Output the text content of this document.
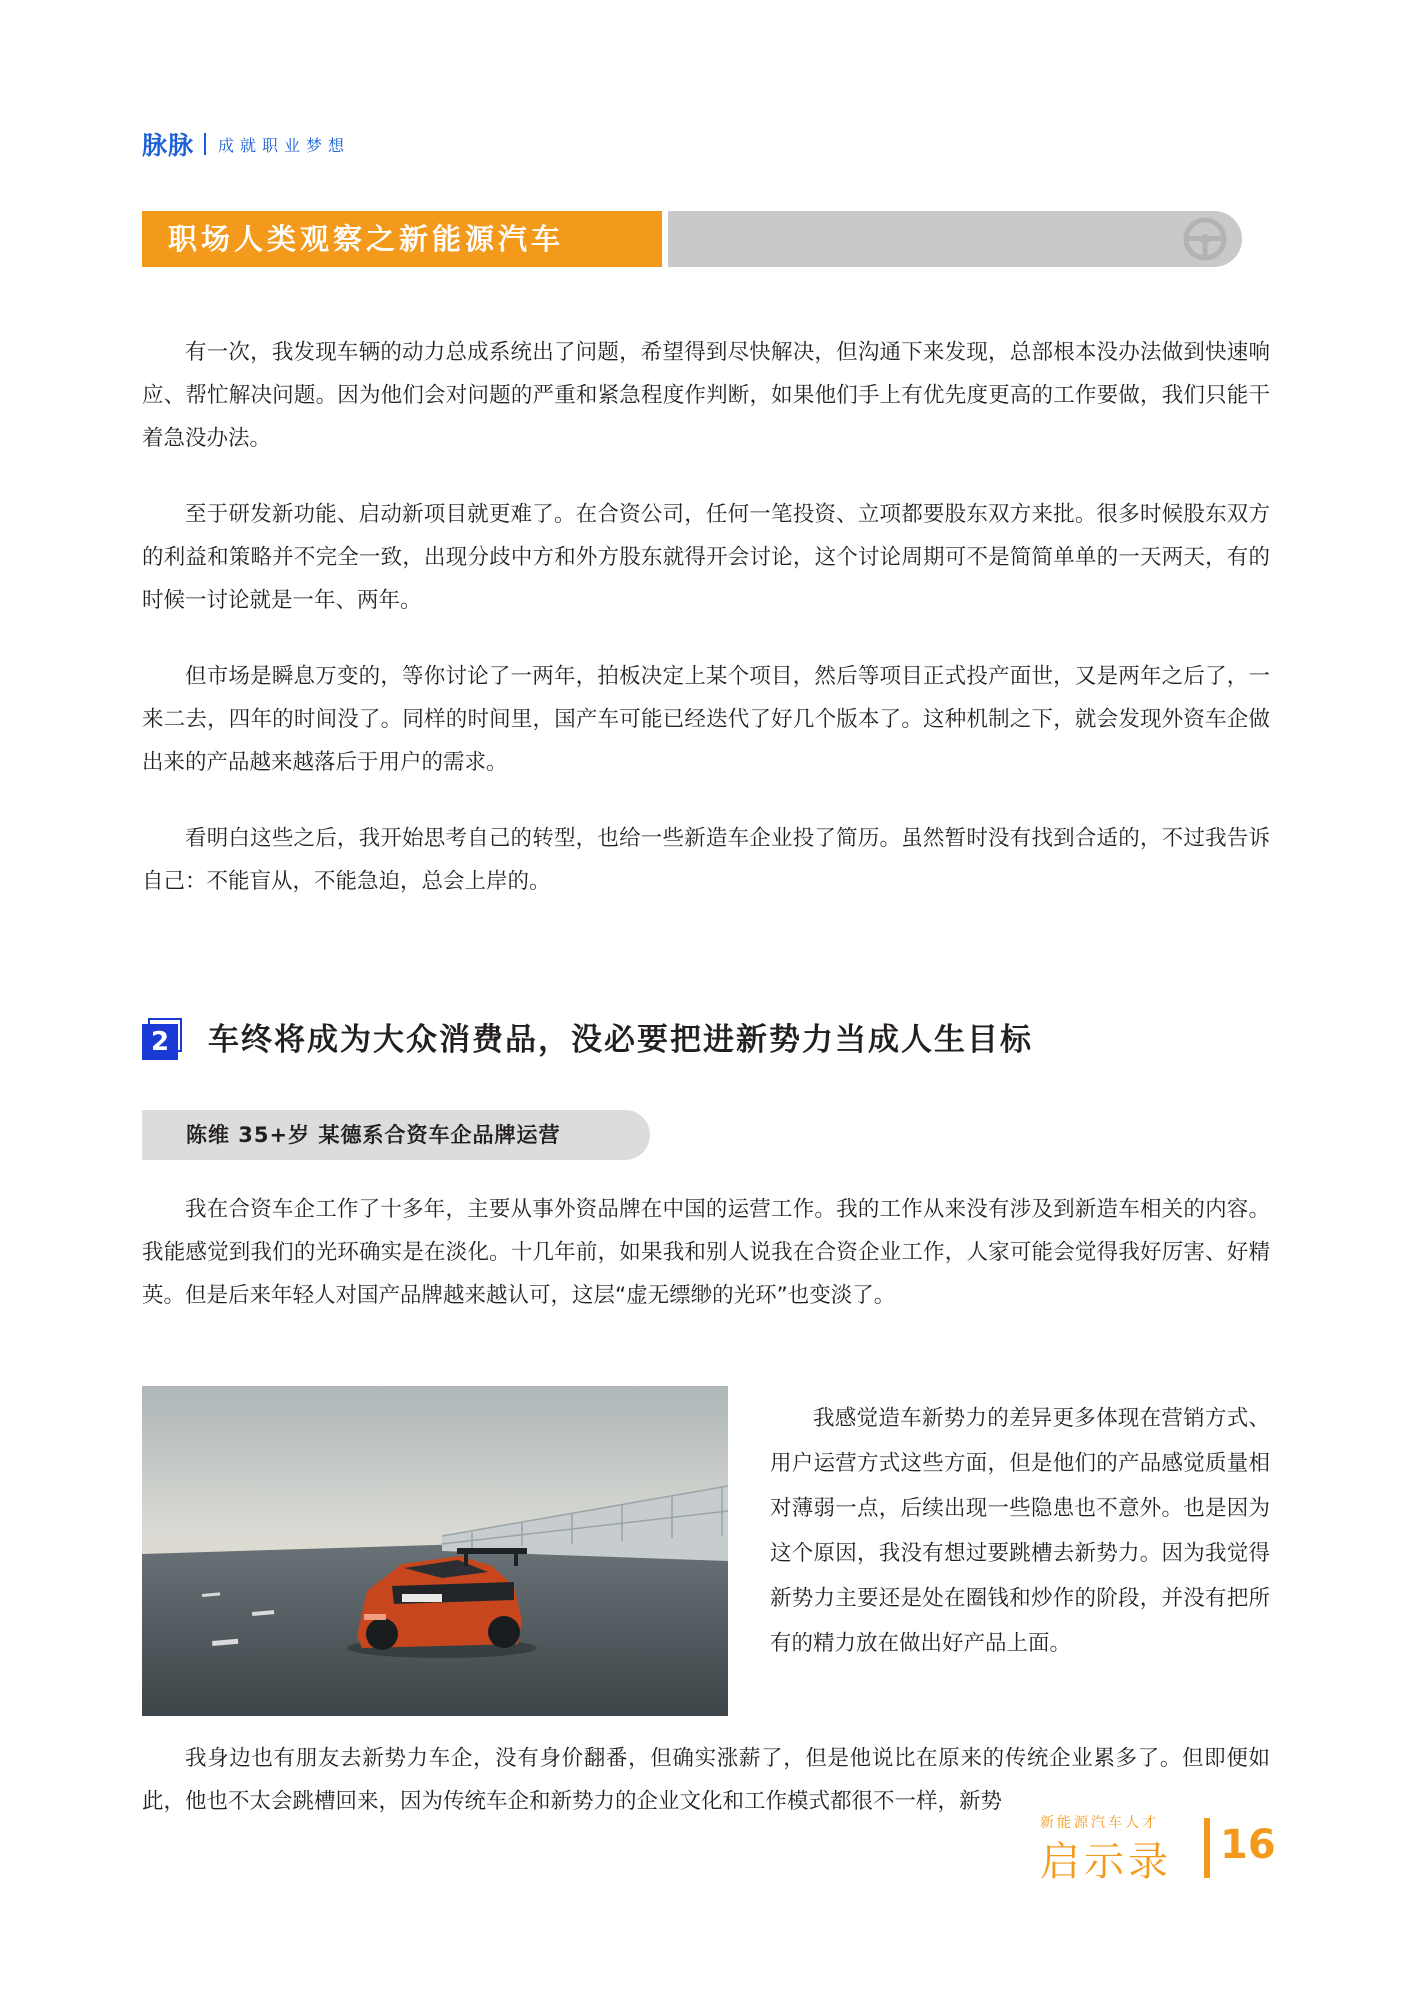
脉脉 成就职业梦想
职场人类观察之新能源汽车

有一次，我发现车辆的动力总成系统出了问题，希望得到尽快解决，但沟通下来发现，总部根本没办法做到快速响应、帮忙解决问题。因为他们会对问题的严重和紧急程度作判断，如果他们手上有优先度更高的工作要做，我们只能干着急没办法。

至于研发新功能、启动新项目就更难了。在合资公司，任何一笔投资、立项都要股东双方来批。很多时候股东双方的利益和策略并不完全一致，出现分歧中方和外方股东就得开会讨论，这个讨论周期可不是简简单单的一天两天，有的时候一讨论就是一年、两年。

但市场是瞬息万变的，等你讨论了一两年，拍板决定上某个项目，然后等项目正式投产面世，又是两年之后了，一来二去，四年的时间没了。同样的时间里，国产车可能已经迭代了好几个版本了。这种机制之下，就会发现外资车企做出来的产品越来越落后于用户的需求。

看明白这些之后，我开始思考自己的转型，也给一些新造车企业投了简历。虽然暂时没有找到合适的，不过我告诉自己：不能盲从，不能急迫，总会上岸的。

2 车终将成为大众消费品，没必要把进新势力当成人生目标
陈维 35+岁 某德系合资车企品牌运营

我在合资车企工作了十多年，主要从事外资品牌在中国的运营工作。我的工作从来没有涉及到新造车相关的内容。我能感觉到我们的光环确实是在淡化。十几年前，如果我和别人说我在合资企业工作，人家可能会觉得我好厉害、好精英。但是后来年轻人对国产品牌越来越认可，这层“虚无缥缈的光环”也变淡了。

我感觉造车新势力的差异更多体现在营销方式、用户运营方式这些方面，但是他们的产品感觉质量相对薄弱一点，后续出现一些隐患也不意外。也是因为这个原因，我没有想过要跳槽去新势力。因为我觉得新势力主要还是处在圈钱和炒作的阶段，并没有把所有的精力放在做出好产品上面。

我身边也有朋友去新势力车企，没有身价翻番，但确实涨薪了，但是他说比在原来的传统企业累多了。但即便如此，他也不太会跳槽回来，因为传统车企和新势力的企业文化和工作模式都很不一样，新势

新能源汽车人才
启示录 16
